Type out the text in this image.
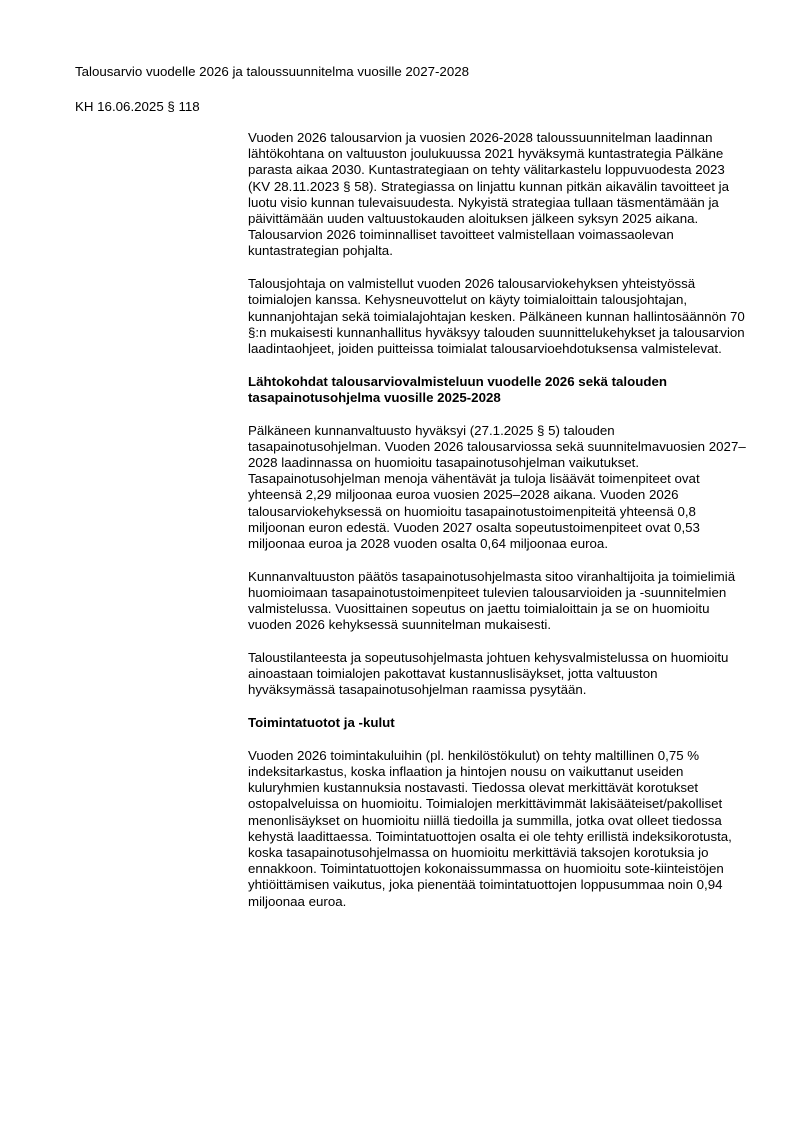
Talousarvio vuodelle 2026 ja taloussuunnitelma vuosille 2027-2028

KH 16.06.2025 § 118

Vuoden 2026 talousarvion ja vuosien 2026-2028 taloussuunnitelman laadinnan lähtökohtana on valtuuston joulukuussa 2021 hyväksymä kuntastrategia Pälkäne parasta aikaa 2030. Kuntastrategiaan on tehty välitarkastelu loppuvuodesta 2023 (KV 28.11.2023 § 58). Strategiassa on linjattu kunnan pitkän aikavälin tavoitteet ja luotu visio kunnan tulevaisuudesta. Nykyistä strategiaa tullaan täsmentämään ja päivittämään uuden valtuustokauden aloituksen jälkeen syksyn 2025 aikana. Talousarvion 2026 toiminnalliset tavoitteet valmistellaan voimassaolevan kuntastrategian pohjalta.

Talousjohtaja on valmistellut vuoden 2026 talousarviokehyksen yhteistyössä toimialojen kanssa. Kehysneuvottelut on käyty toimialoittain talousjohtajan, kunnanjohtajan sekä toimialajohtajan kesken. Pälkäneen kunnan hallintosäännön 70 §:n mukaisesti kunnanhallitus hyväksyy talouden suunnittelukehykset ja talousarvion laadintaohjeet, joiden puitteissa toimialat talousarvioehdotuksensa valmistelevat.

Lähtokohdat talousarviovalmisteluun vuodelle 2026 sekä talouden tasapainotusohjelma vuosille 2025-2028

Pälkäneen kunnanvaltuusto hyväksyi (27.1.2025 § 5) talouden tasapainotusohjelman. Vuoden 2026 talousarviossa sekä suunnitelmavuosien 2027–2028 laadinnassa on huomioitu tasapainotusohjelman vaikutukset. Tasapainotusohjelman menoja vähentävät ja tuloja lisäävät toimenpiteet ovat yhteensä 2,29 miljoonaa euroa vuosien 2025–2028 aikana. Vuoden 2026 talousarviokehyksessä on huomioitu tasapainotustoimenpiteitä yhteensä 0,8 miljoonan euron edestä. Vuoden 2027 osalta sopeutustoimenpiteet ovat 0,53 miljoonaa euroa ja 2028 vuoden osalta 0,64 miljoonaa euroa.

Kunnanvaltuuston päätös tasapainotusohjelmasta sitoo viranhaltijoita ja toimielimiä huomioimaan tasapainotustoimenpiteet tulevien talousarvioiden ja -suunnitelmien valmistelussa. Vuosittainen sopeutus on jaettu toimialoittain ja se on huomioitu vuoden 2026 kehyksessä suunnitelman mukaisesti.

Taloustilanteesta ja sopeutusohjelmasta johtuen kehysvalmistelussa on huomioitu ainoastaan toimialojen pakottavat kustannuslisäykset, jotta valtuuston hyväksymässä tasapainotusohjelman raamissa pysytään.

Toimintatuotot ja -kulut

Vuoden 2026 toimintakuluihin (pl. henkilöstökulut) on tehty maltillinen 0,75 % indeksitarkastus, koska inflaation ja hintojen nousu on vaikuttanut useiden kuluryhmien kustannuksia nostavasti. Tiedossa olevat merkittävät korotukset ostopalveluissa on huomioitu. Toimialojen merkittävimmät lakisääteiset/pakolliset menonlisäykset on huomioitu niillä tiedoilla ja summilla, jotka ovat olleet tiedossa kehystä laadittaessa. Toimintatuottojen osalta ei ole tehty erillistä indeksikorotusta, koska tasapainotusohjelmassa on huomioitu merkittäviä taksojen korotuksia jo ennakkoon. Toimintatuottojen kokonaissummassa on huomioitu sote-kiinteistöjen yhtiöittämisen vaikutus, joka pienentää toimintatuottojen loppusummaa noin 0,94 miljoonaa euroa.
